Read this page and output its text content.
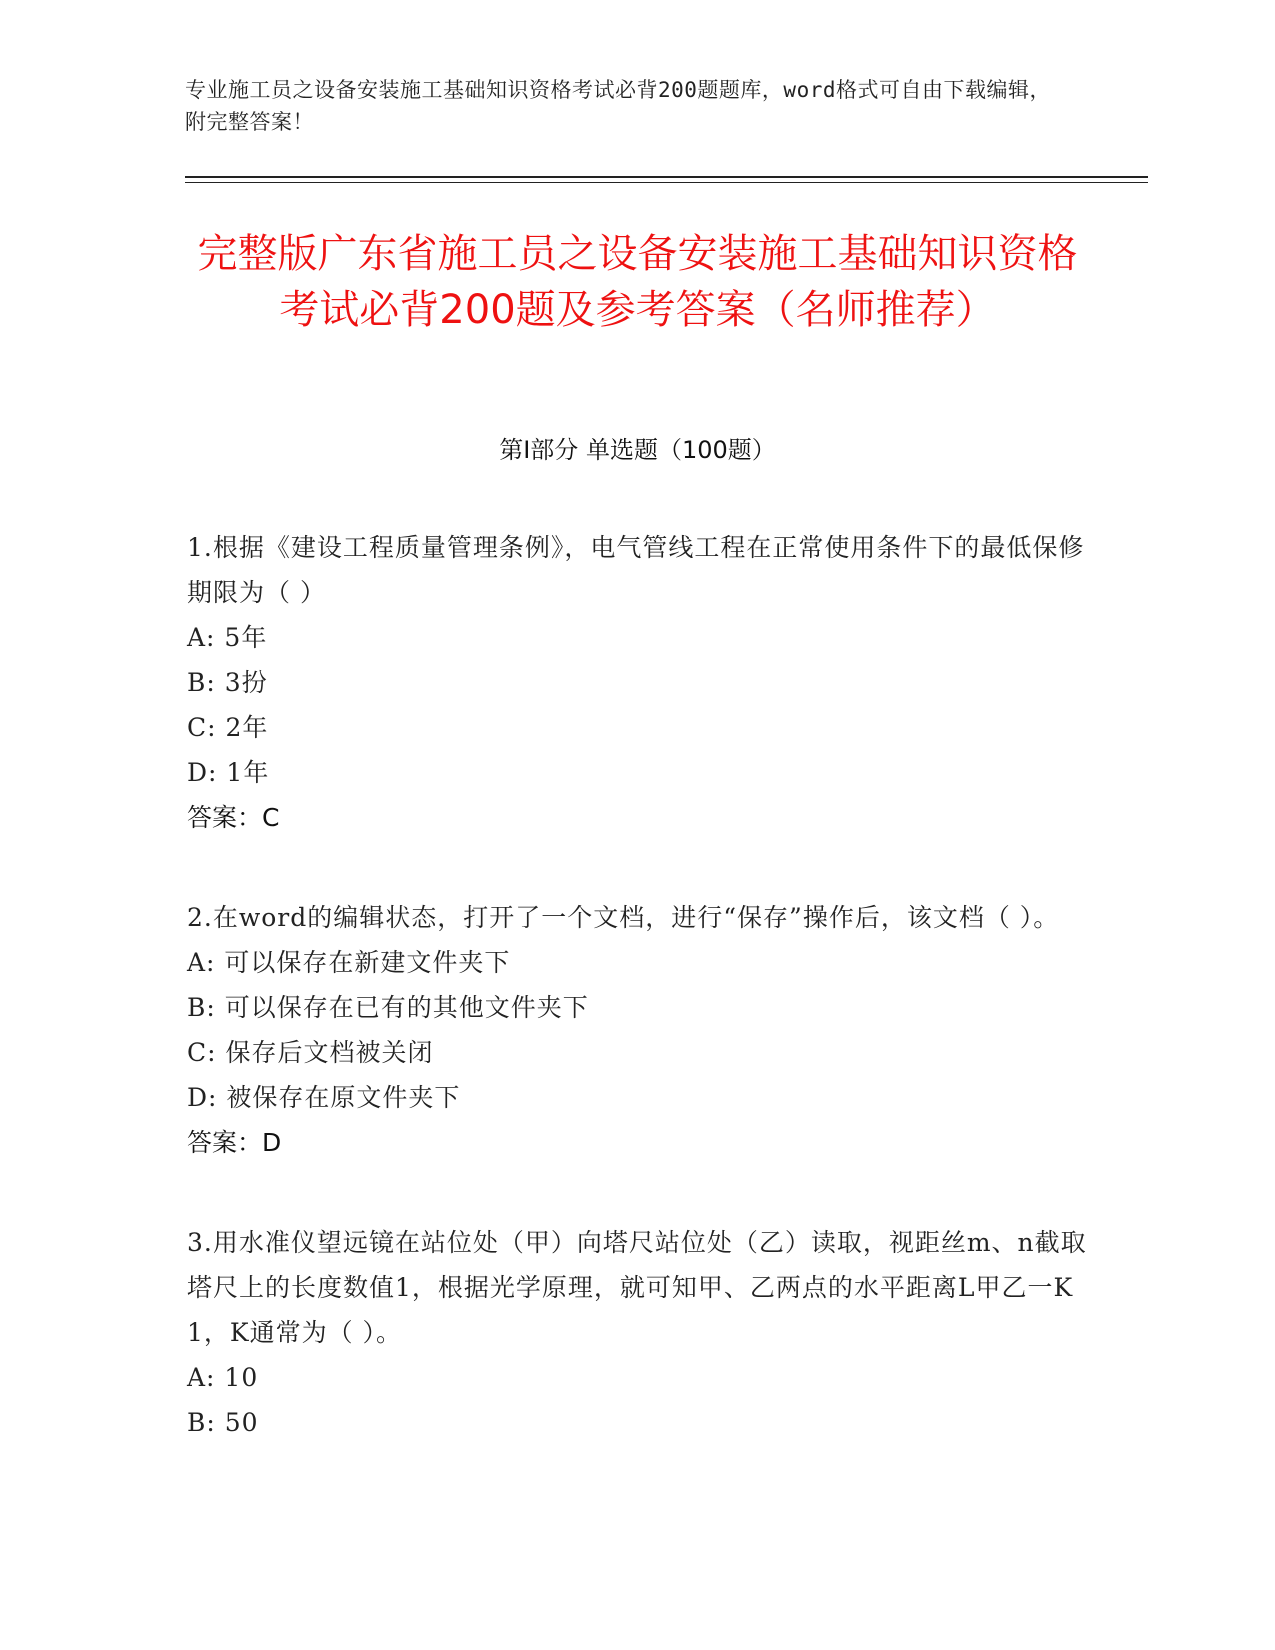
专业施工员之设备安装施工基础知识资格考试必背200题题库，word格式可自由下载编辑，附完整答案！
完整版广东省施工员之设备安装施工基础知识资格考试必背200题及参考答案（名师推荐）
第Ⅰ部分 单选题（100题）

1.根据《建设工程质量管理条例》，电气管线工程在正常使用条件下的最低保修期限为（ ）

A: 5年

B: 3扮

C: 2年

D: 1年

答案：C

2.在word的编辑状态，打开了一个文档，进行“保存”操作后，该文档（ ）。

A: 可以保存在新建文件夹下

B: 可以保存在已有的其他文件夹下

C: 保存后文档被关闭

D: 被保存在原文件夹下

答案：D

3.用水准仪望远镜在站位处（甲）向塔尺站位处（乙）读取，视距丝m、n截取塔尺上的长度数值1，根据光学原理，就可知甲、乙两点的水平距离L甲乙一K1，K通常为（ ）。

A: 10

B: 50
